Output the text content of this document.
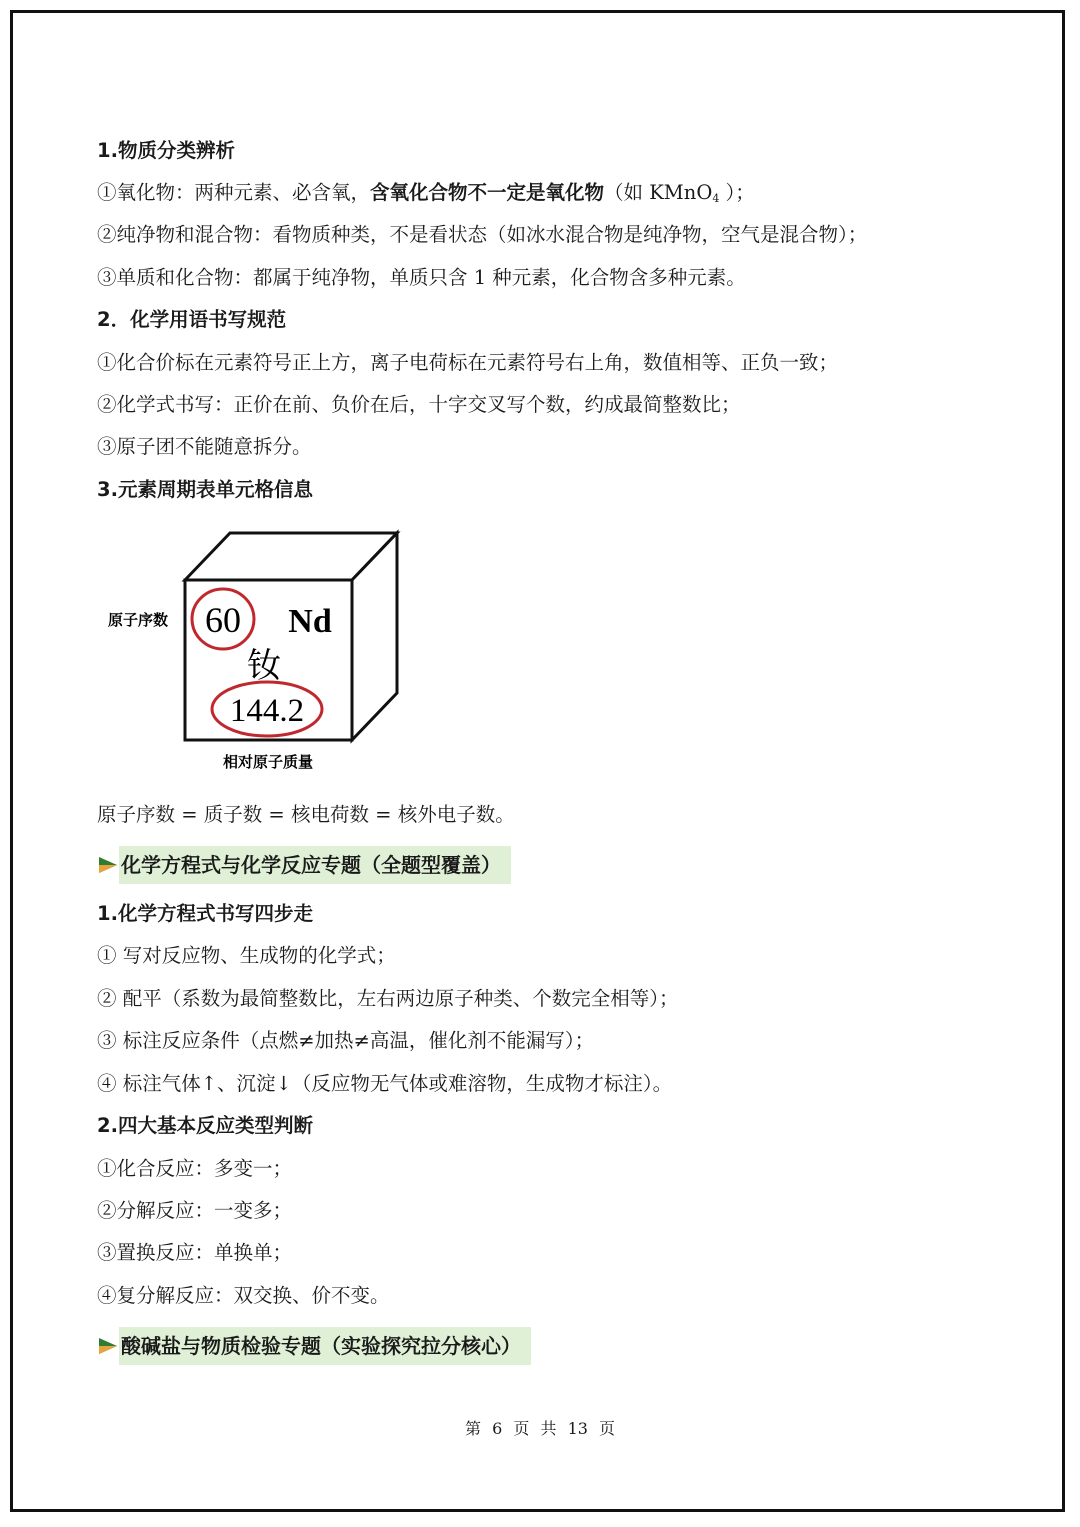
1.物质分类辨析
①氧化物：两种元素、必含氧，含氧化合物不一定是氧化物（如 KMnO$_4$ ）；
②纯净物和混合物：看物质种类，不是看状态（如冰水混合物是纯净物，空气是混合物）；
③单质和化合物：都属于纯净物，单质只含 1 种元素，化合物含多种元素。
2．化学用语书写规范
①化合价标在元素符号正上方，离子电荷标在元素符号右上角，数值相等、正负一致；
②化学式书写：正价在前、负价在后，十字交叉写个数，约成最简整数比；
③原子团不能随意拆分。
3.元素周期表单元格信息
60 Nd
钕
144.2
原子序数
相对原子质量
原子序数 = 质子数 = 核电荷数 = 核外电子数。
化学方程式与化学反应专题（全题型覆盖）
1.化学方程式书写四步走
① 写对反应物、生成物的化学式；
② 配平（系数为最简整数比，左右两边原子种类、个数完全相等）；
③ 标注反应条件（点燃≠加热≠高温，催化剂不能漏写）；
④ 标注气体↑、沉淀↓（反应物无气体或难溶物，生成物才标注）。
2.四大基本反应类型判断
①化合反应：多变一；
②分解反应：一变多；
③置换反应：单换单；
④复分解反应：双交换、价不变。
酸碱盐与物质检验专题（实验探究拉分核心）
第 6 页 共 13 页
